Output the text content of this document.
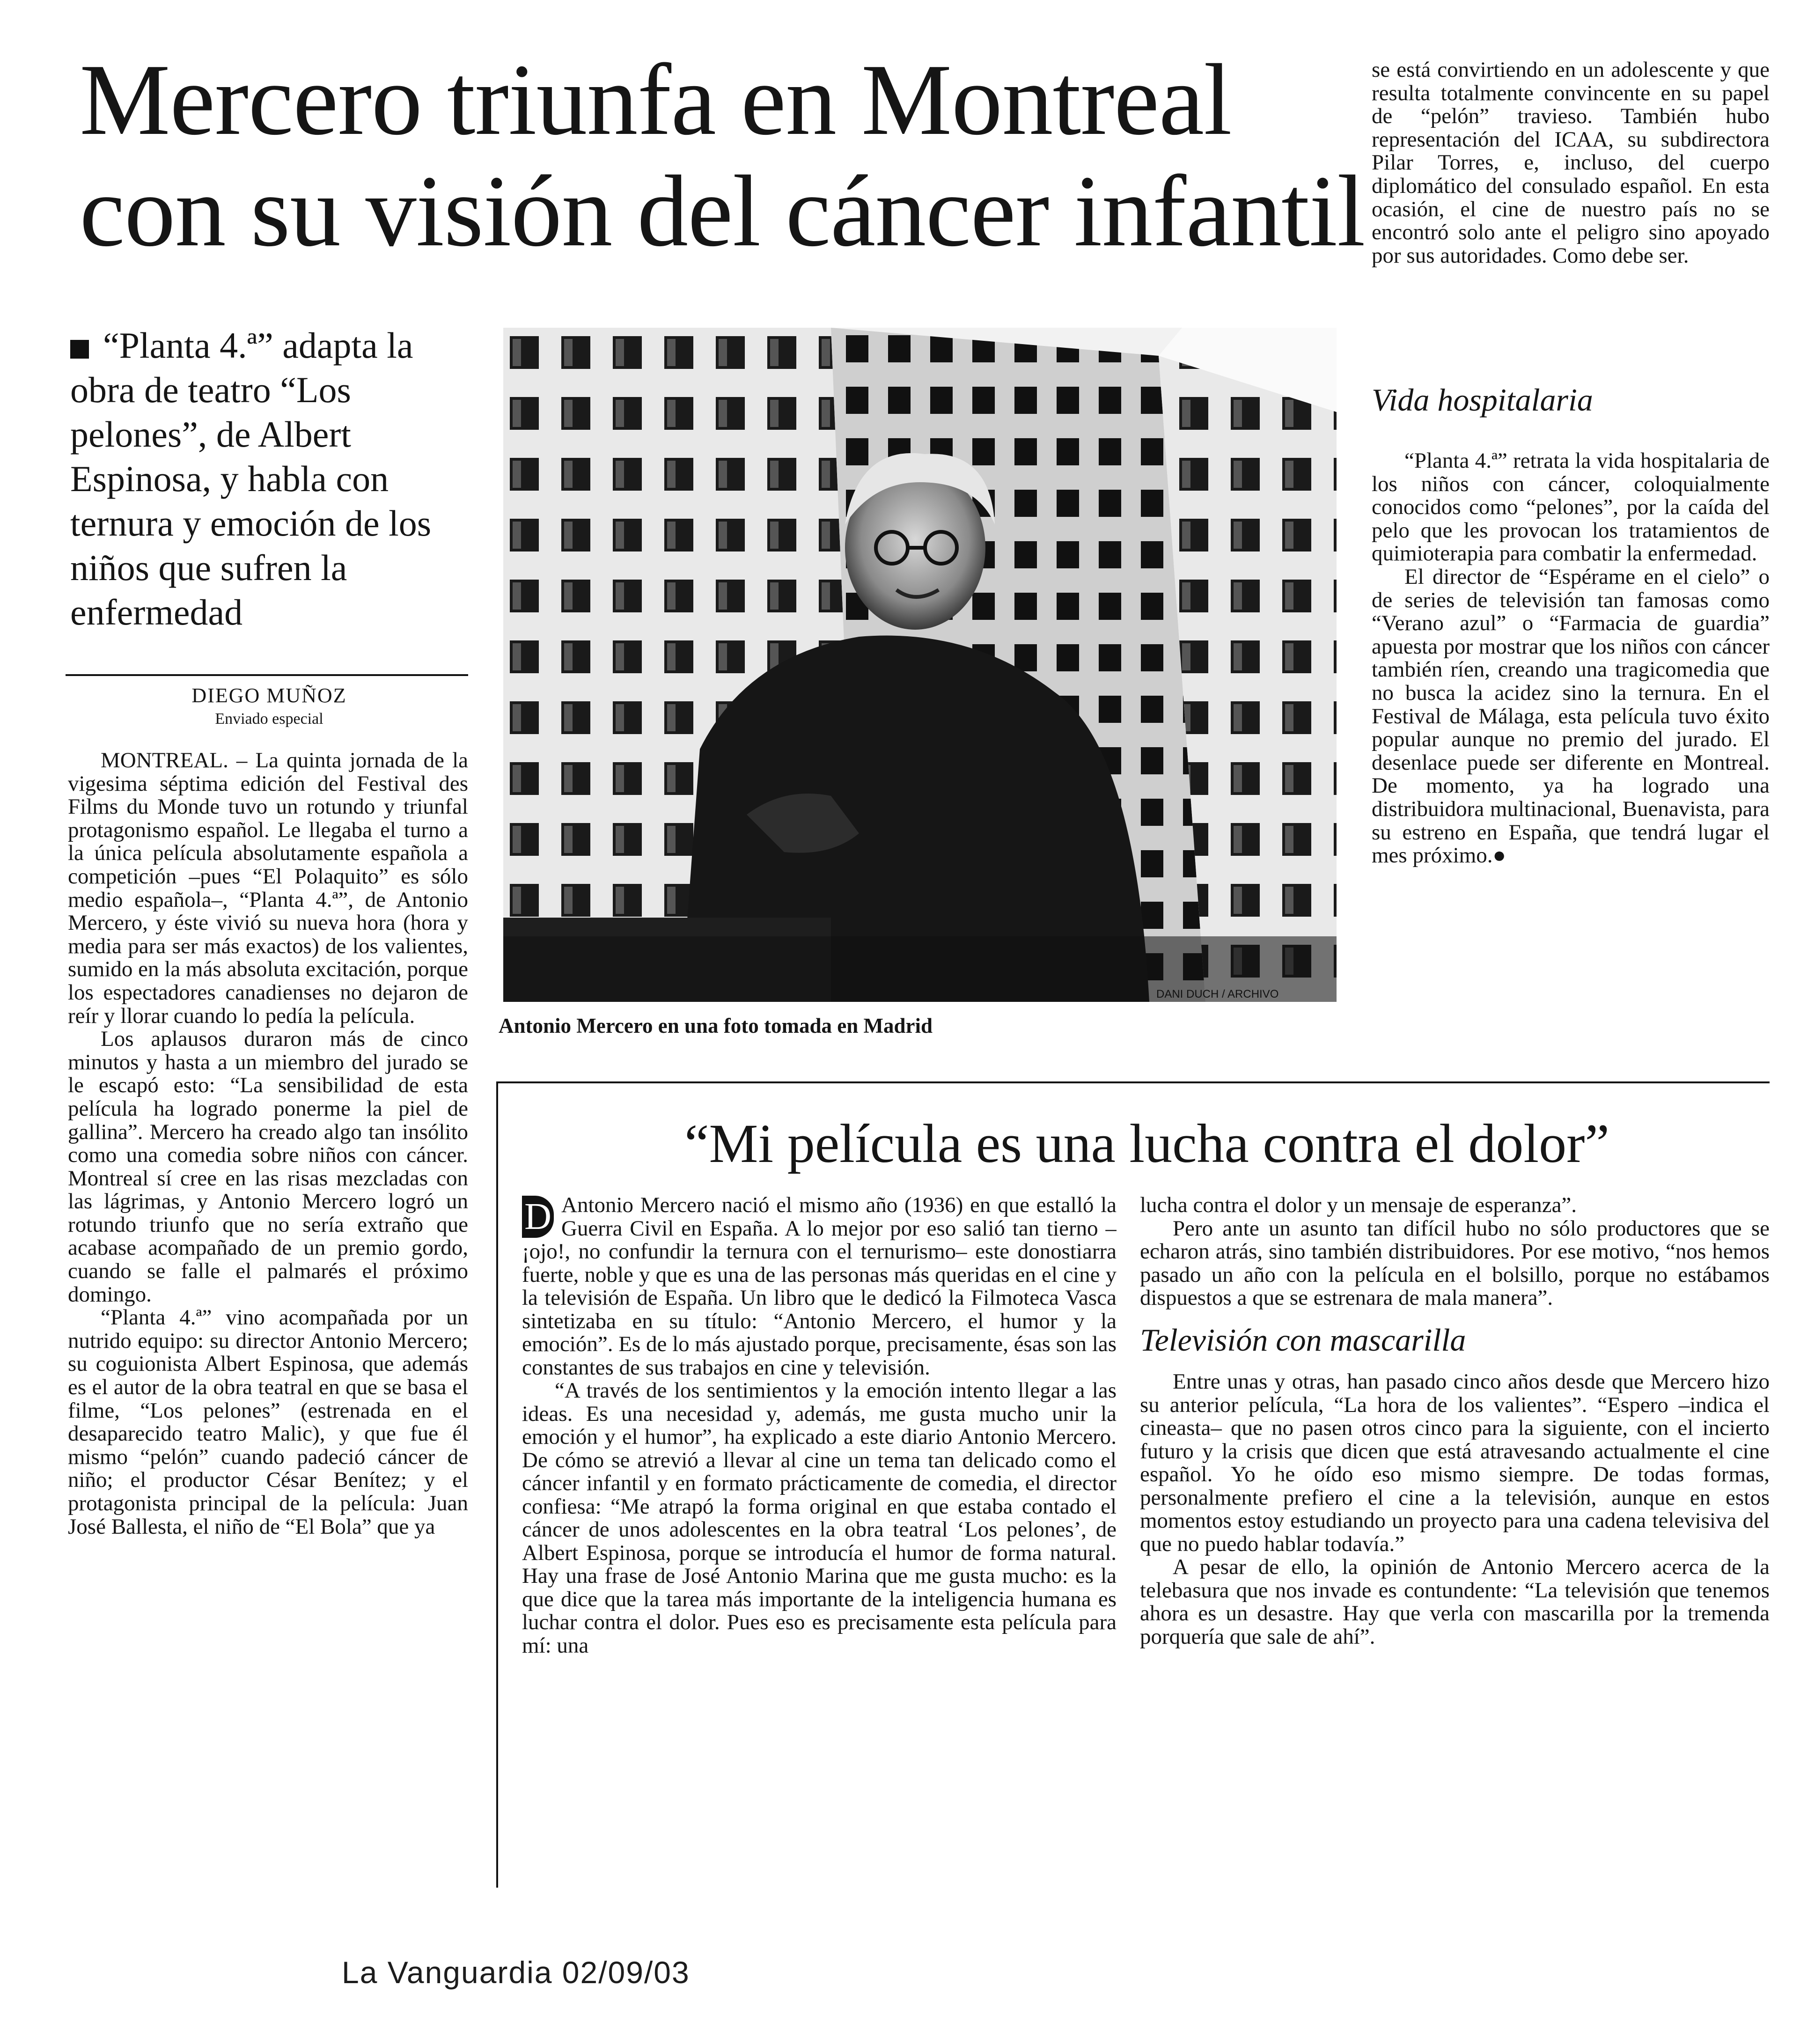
Mercero triunfa en Montreal
con su visión del cáncer infantil

se está convirtiendo en un adolescente y que resulta totalmente convincente en su papel de “pelón” travieso. También hubo representación del ICAA, su subdirectora Pilar Torres, e, incluso, del cuerpo diplomático del consulado español. En esta ocasión, el cine de nuestro país no se encontró solo ante el peligro sino apoyado por sus autoridades. Como debe ser.

Vida hospitalaria

“Planta 4.ª” retrata la vida hospitalaria de los niños con cáncer, coloquialmente conocidos como “pelones”, por la caída del pelo que les provocan los tratamientos de quimioterapia para combatir la enfermedad.

El director de “Espérame en el cielo” o de series de televisión tan famosas como “Verano azul” o “Farmacia de guardia” apuesta por mostrar que los niños con cáncer también ríen, creando una tragicomedia que no busca la acidez sino la ternura. En el Festival de Málaga, esta película tuvo éxito popular aunque no premio del jurado. El desenlace puede ser diferente en Montreal. De momento, ya ha logrado una distribuidora multinacional, Buenavista, para su estreno en España, que tendrá lugar el mes próximo.●

“Planta 4.ª” adapta la obra de teatro “Los pelones”, de Albert Espinosa, y habla con ternura y emoción de los niños que sufren la enfermedad
DIEGO MUÑOZ
Enviado especial

MONTREAL. – La quinta jornada de la vigesima séptima edición del Festival des Films du Monde tuvo un rotundo y triunfal protagonismo español. Le llegaba el turno a la única película absolutamente española a competición –pues “El Polaquito” es sólo medio española–, “Planta 4.ª”, de Antonio Mercero, y éste vivió su nueva hora (hora y media para ser más exactos) de los valientes, sumido en la más absoluta excitación, porque los espectadores canadienses no dejaron de reír y llorar cuando lo pedía la película.

Los aplausos duraron más de cinco minutos y hasta a un miembro del jurado se le escapó esto: “La sensibilidad de esta película ha logrado ponerme la piel de gallina”. Mercero ha creado algo tan insólito como una comedia sobre niños con cáncer. Montreal sí cree en las risas mezcladas con las lágrimas, y Antonio Mercero logró un rotundo triunfo que no sería extraño que acabase acompañado de un premio gordo, cuando se falle el palmarés el próximo domingo.

“Planta 4.ª” vino acompañada por un nutrido equipo: su director Antonio Mercero; su coguionista Albert Espinosa, que además es el autor de la obra teatral en que se basa el filme, “Los pelones” (estrenada en el desaparecido teatro Malic), y que fue él mismo “pelón” cuando padeció cáncer de niño; el productor César Benítez; y el protagonista principal de la película: Juan José Ballesta, el niño de “El Bola” que ya

DANI DUCH / ARCHIVO
Antonio Mercero en una foto tomada en Madrid
“Mi película es una lucha contra el dolor”
D Antonio Mercero nació el mismo año (1936) en que estalló la Guerra Civil en España. A lo mejor por eso salió tan tierno –¡ojo!, no confundir la ternura con el ternurismo– este donostiarra fuerte, noble y que es una de las personas más queridas en el cine y la televisión de España. Un libro que le dedicó la Filmoteca Vasca sintetizaba en su título: “Antonio Mercero, el humor y la emoción”. Es de lo más ajustado porque, precisamente, ésas son las constantes de sus trabajos en cine y televisión.

“A través de los sentimientos y la emoción intento llegar a las ideas. Es una necesidad y, además, me gusta mucho unir la emoción y el humor”, ha explicado a este diario Antonio Mercero. De cómo se atrevió a llevar al cine un tema tan delicado como el cáncer infantil y en formato prácticamente de comedia, el director confiesa: “Me atrapó la forma original en que estaba contado el cáncer de unos adolescentes en la obra teatral ‘Los pelones’, de Albert Espinosa, porque se introducía el humor de forma natural. Hay una frase de José Antonio Marina que me gusta mucho: es la que dice que la tarea más importante de la inteligencia humana es luchar contra el dolor. Pues eso es precisamente esta película para mí: una

lucha contra el dolor y un mensaje de esperanza”.

Pero ante un asunto tan difícil hubo no sólo productores que se echaron atrás, sino también distribuidores. Por ese motivo, “nos hemos pasado un año con la película en el bolsillo, porque no estábamos dispuestos a que se estrenara de mala manera”.

Televisión con mascarilla

Entre unas y otras, han pasado cinco años desde que Mercero hizo su anterior película, “La hora de los valientes”. “Espero –indica el cineasta– que no pasen otros cinco para la siguiente, con el incierto futuro y la crisis que dicen que está atravesando actualmente el cine español. Yo he oído eso mismo siempre. De todas formas, personalmente prefiero el cine a la televisión, aunque en estos momentos estoy estudiando un proyecto para una cadena televisiva del que no puedo hablar todavía.”

A pesar de ello, la opinión de Antonio Mercero acerca de la telebasura que nos invade es contundente: “La televisión que tenemos ahora es un desastre. Hay que verla con mascarilla por la tremenda porquería que sale de ahí”.

La Vanguardia 02/09/03
